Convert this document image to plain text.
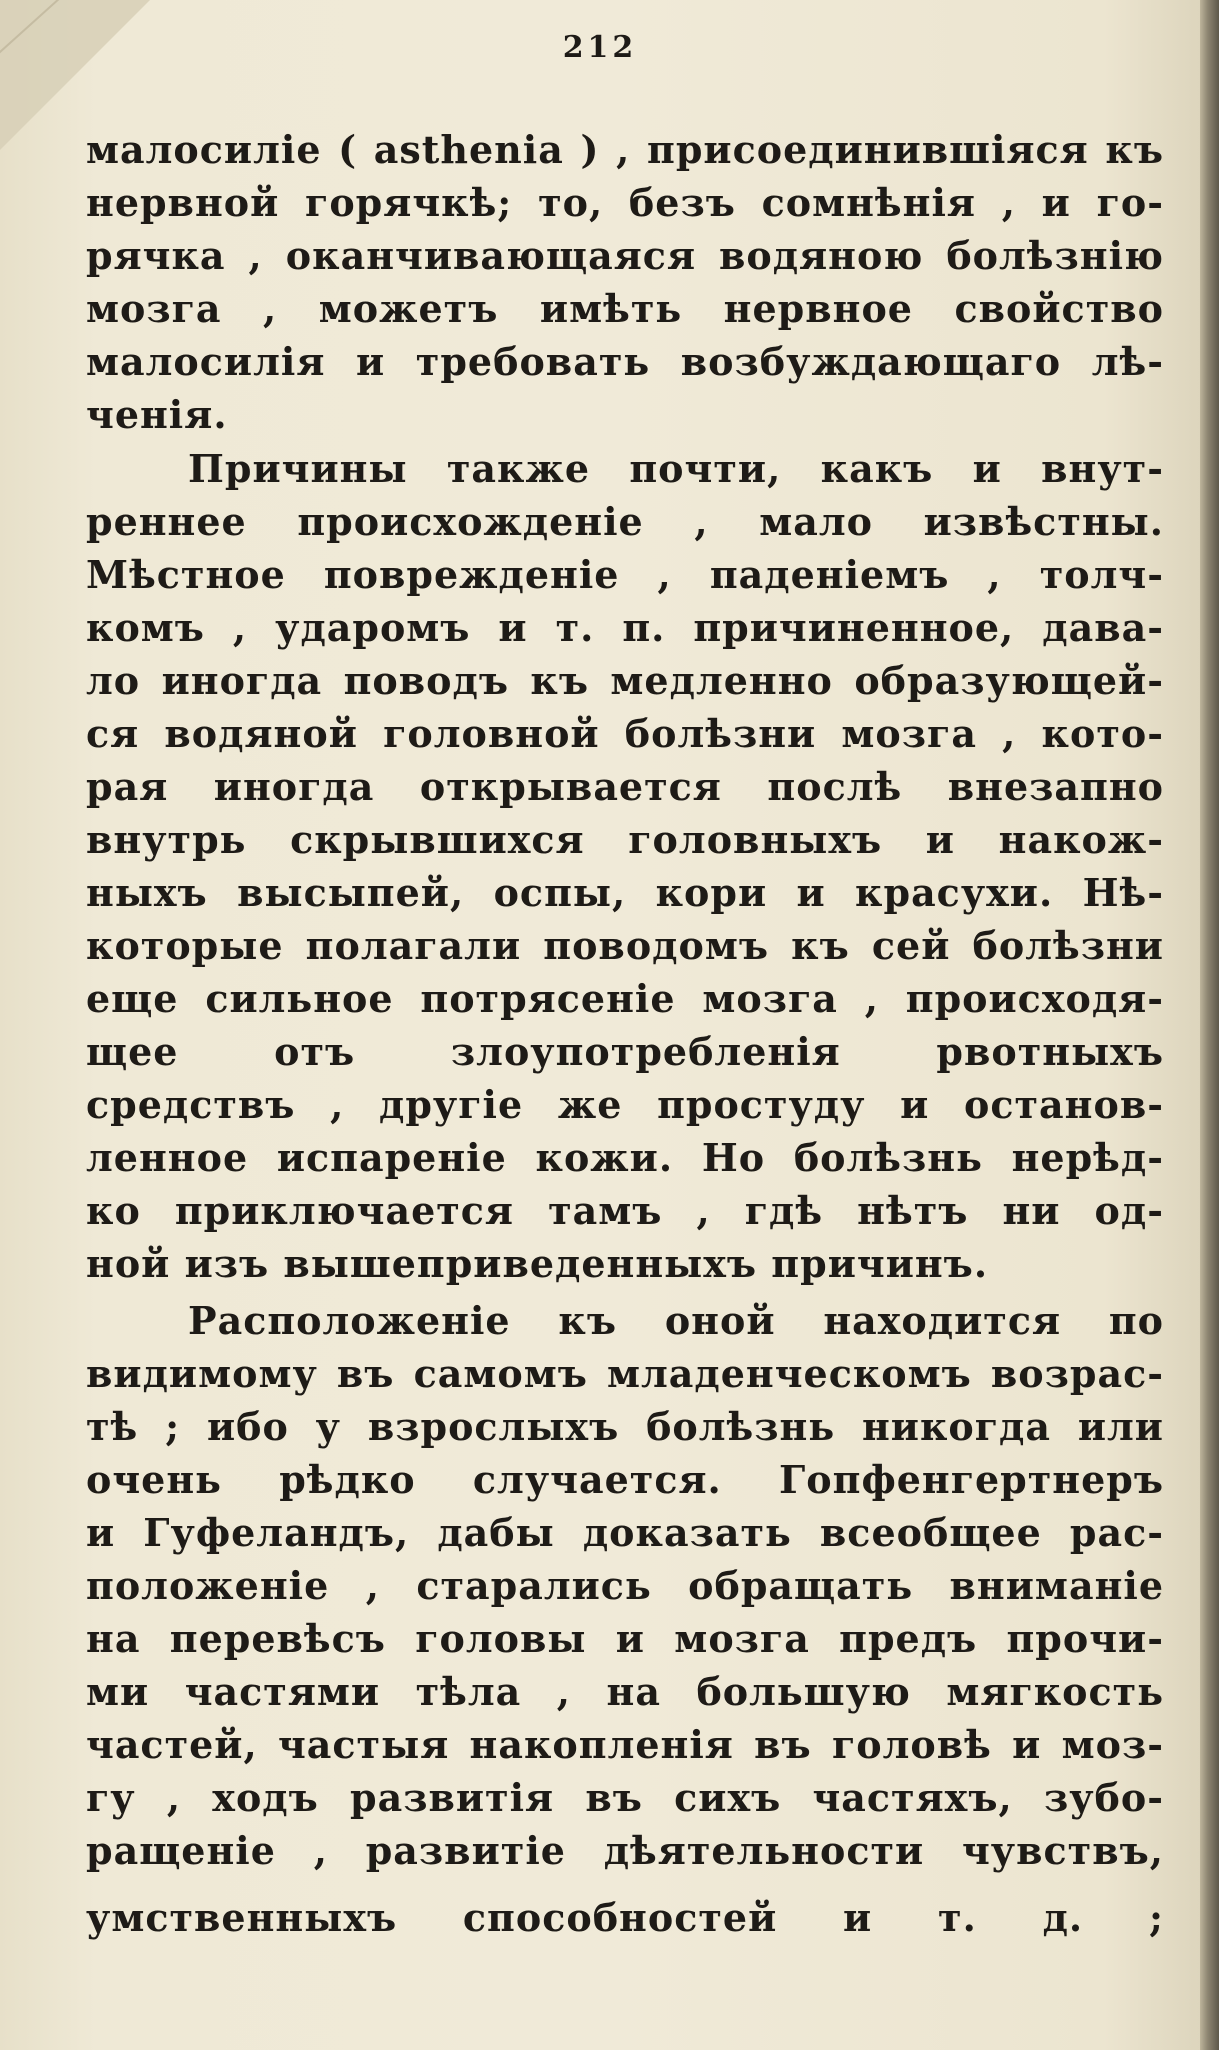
212
малосиліе ( asthenia ) , присоединившіяся къ
нервной горячкѣ; то, безъ сомнѣнія , и го-
рячка , оканчивающаяся водяною болѣзнію
мозга , можетъ имѣть нервное свойство
малосилія и требовать возбуждающаго лѣ-
ченія.
Причины также почти, какъ и внут-
реннее происхожденіе , мало извѣстны.
Мѣстное поврежденіе , паденіемъ , толч-
комъ , ударомъ и т. п. причиненное, дава-
ло иногда поводъ къ медленно образующей-
ся водяной головной болѣзни мозга , кото-
рая иногда открывается послѣ внезапно
внутрь скрывшихся головныхъ и накож-
ныхъ высыпей, оспы, кори и красухи. Нѣ-
которые полагали поводомъ къ сей болѣзни
еще сильное потрясеніе мозга , происходя-
щее отъ злоупотребленія рвотныхъ
средствъ , другіе же простуду и останов-
ленное испареніе кожи. Но болѣзнь нерѣд-
ко приключается тамъ , гдѣ нѣтъ ни од-
ной изъ вышеприведенныхъ причинъ.
Расположеніе къ оной находится по
видимому въ самомъ младенческомъ возрас-
тѣ ; ибо у взрослыхъ болѣзнь никогда или
очень рѣдко случается. Гопфенгертнеръ
и Гуфеландъ, дабы доказать всеобщее рас-
положеніе , старались обращать вниманіе
на перевѣсъ головы и мозга предъ прочи-
ми частями тѣла , на большую мягкость
частей, частыя накопленія въ головѣ и моз-
гу , ходъ развитія въ сихъ частяхъ, зубо-
ращеніе , развитіе дѣятельности чувствъ,
умственныхъ способностей и т. д. ;
